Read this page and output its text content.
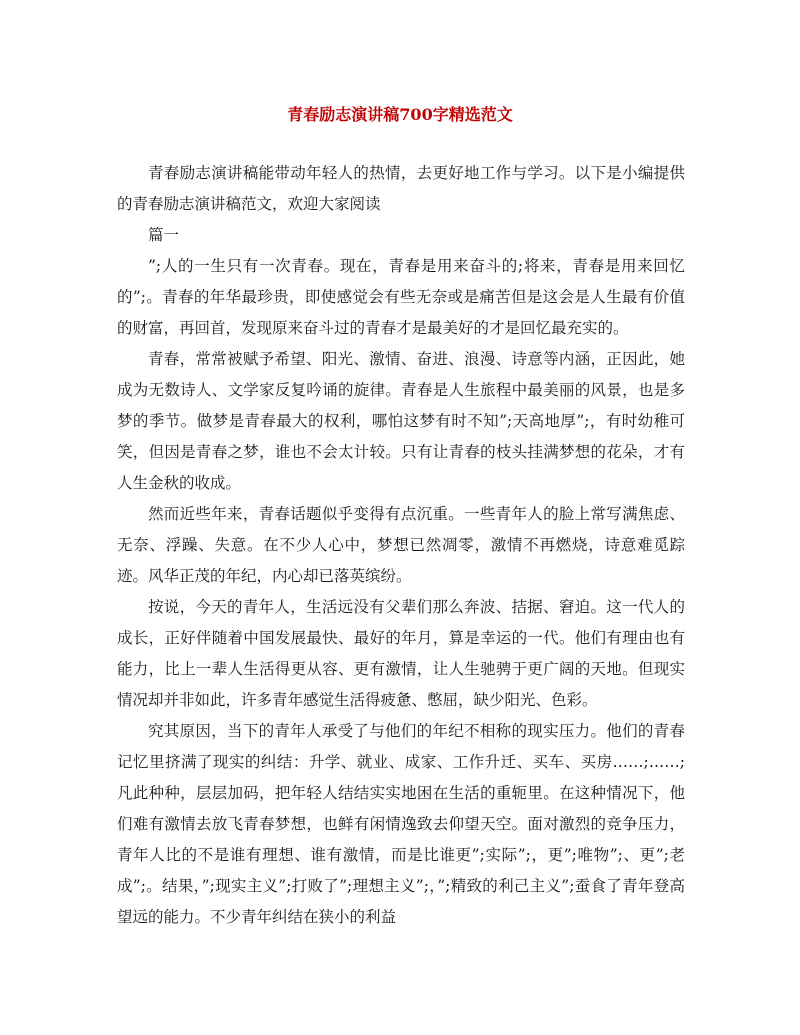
青春励志演讲稿700字精选范文

青春励志演讲稿能带动年轻人的热情，去更好地工作与学习。以下是小编提供的青春励志演讲稿范文，欢迎大家阅读

篇一

”;人的一生只有一次青春。现在，青春是用来奋斗的;将来，青春是用来回忆的”;。青春的年华最珍贵，即使感觉会有些无奈或是痛苦但是这会是人生最有价值的财富，再回首，发现原来奋斗过的青春才是最美好的才是回忆最充实的。

青春，常常被赋予希望、阳光、激情、奋进、浪漫、诗意等内涵，正因此，她成为无数诗人、文学家反复吟诵的旋律。青春是人生旅程中最美丽的风景，也是多梦的季节。做梦是青春最大的权利，哪怕这梦有时不知”;天高地厚”;，有时幼稚可笑，但因是青春之梦，谁也不会太计较。只有让青春的枝头挂满梦想的花朵，才有人生金秋的收成。

然而近些年来，青春话题似乎变得有点沉重。一些青年人的脸上常写满焦虑、无奈、浮躁、失意。在不少人心中，梦想已然凋零，激情不再燃烧，诗意难觅踪迹。风华正茂的年纪，内心却已落英缤纷。

按说，今天的青年人，生活远没有父辈们那么奔波、拮据、窘迫。这一代人的成长，正好伴随着中国发展最快、最好的年月，算是幸运的一代。他们有理由也有能力，比上一辈人生活得更从容、更有激情，让人生驰骋于更广阔的天地。但现实情况却并非如此，许多青年感觉生活得疲惫、憋屈，缺少阳光、色彩。

究其原因，当下的青年人承受了与他们的年纪不相称的现实压力。他们的青春记忆里挤满了现实的纠结：升学、就业、成家、工作升迁、买车、买房……;……;凡此种种，层层加码，把年轻人结结实实地困在生活的重轭里。在这种情况下，他们难有激情去放飞青春梦想，也鲜有闲情逸致去仰望天空。面对激烈的竞争压力，青年人比的不是谁有理想、谁有激情，而是比谁更”;实际”;，更”;唯物”;、更”;老成”;。结果，”;现实主义”;打败了”;理想主义”;，”;精致的利己主义”;蚕食了青年登高望远的能力。不少青年纠结在狭小的利益
